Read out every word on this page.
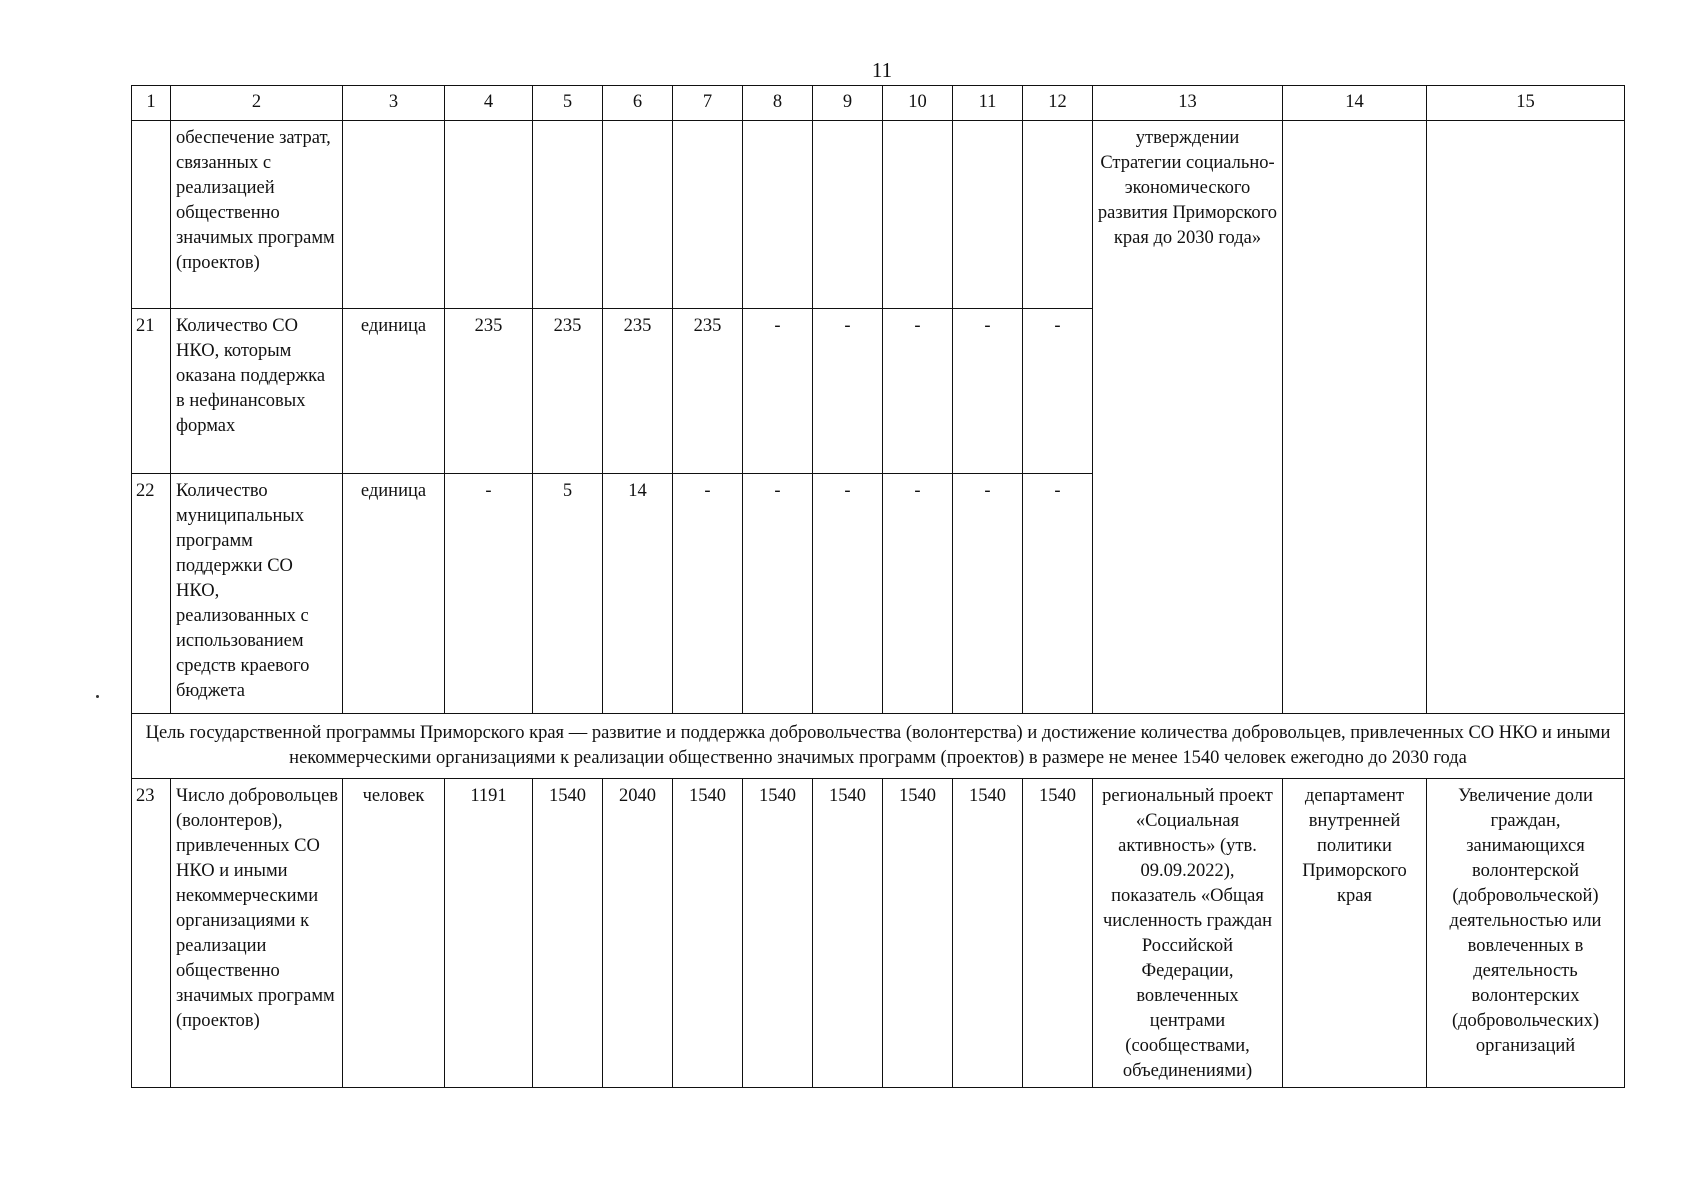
11
1	2	3	4	5	6	7	8	9	10	11	12	13	14	15
	обеспечение затрат, связанных с реализацией общественно значимых программ (проектов)											утверждении Стратегии социально-экономического развития Приморского края до 2030 года»		
21	Количество СО НКО, которым оказана поддержка в нефинансовых формах	единица	235	235	235	235	-	-	-	-	-			
22	Количество муниципальных программ поддержки СО НКО, реализованных с использованием средств краевого бюджета	единица	-	5	14	-	-	-	-	-	-			
Цель государственной программы Приморского края — развитие и поддержка добровольчества (волонтерства) и достижение количества добровольцев, привлеченных СО НКО и иными некоммерческими организациями к реализации общественно значимых программ (проектов) в размере не менее 1540 человек ежегодно до 2030 года														
23	Число добровольцев (волонтеров), привлеченных СО НКО и иными некоммерческими организациями к реализации общественно значимых программ (проектов)	человек	1191	1540	2040	1540	1540	1540	1540	1540	1540	региональный проект «Социальная активность» (утв. 09.09.2022), показатель «Общая численность граждан Российской Федерации, вовлеченных центрами (сообществами, объединениями)	департамент внутренней политики Приморского края	Увеличение доли граждан, занимающихся волонтерской (добровольческой) деятельностью или вовлеченных в деятельность волонтерских (добровольческих) организаций
